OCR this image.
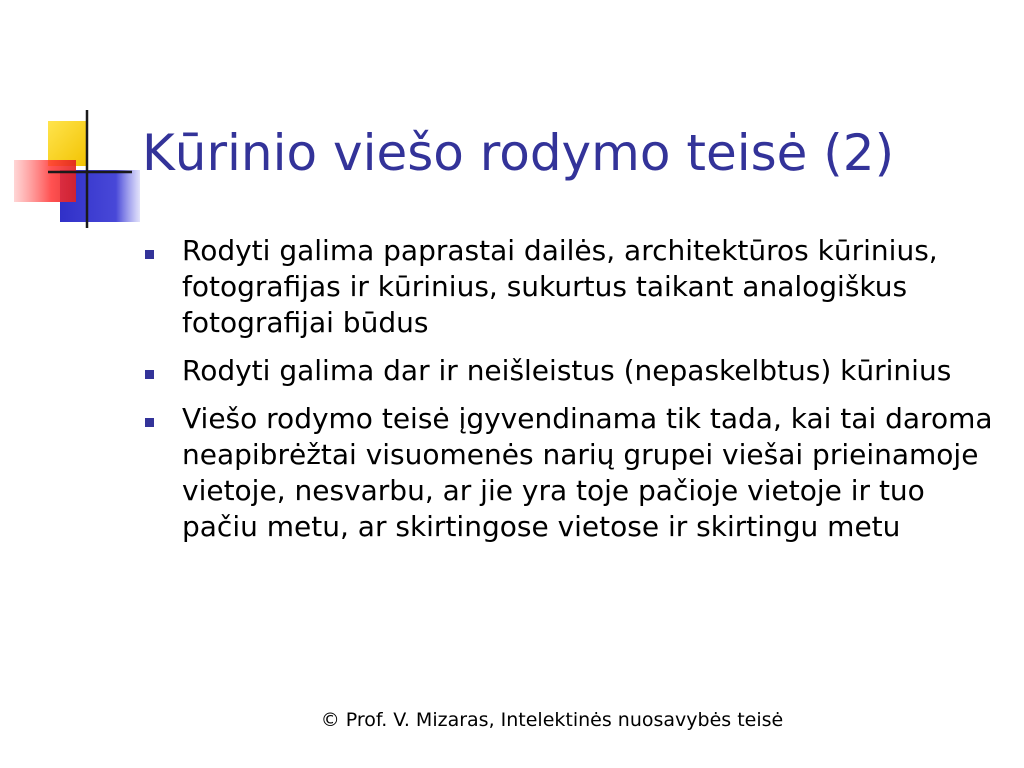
Kūrinio viešo rodymo teisė (2)
Rodyti galima paprastai dailės, architektūros kūrinius, fotografijas ir kūrinius, sukurtus taikant analogiškus fotografijai būdus
Rodyti galima dar ir neišleistus (nepaskelbtus) kūrinius
Viešo rodymo teisė įgyvendinama tik tada, kai tai daroma neapibrėžtai visuomenės narių grupei viešai prieinamoje vietoje, nesvarbu, ar jie yra toje pačioje vietoje ir tuo pačiu metu, ar skirtingose vietose ir skirtingu metu
© Prof. V. Mizaras, Intelektinės nuosavybės teisė
